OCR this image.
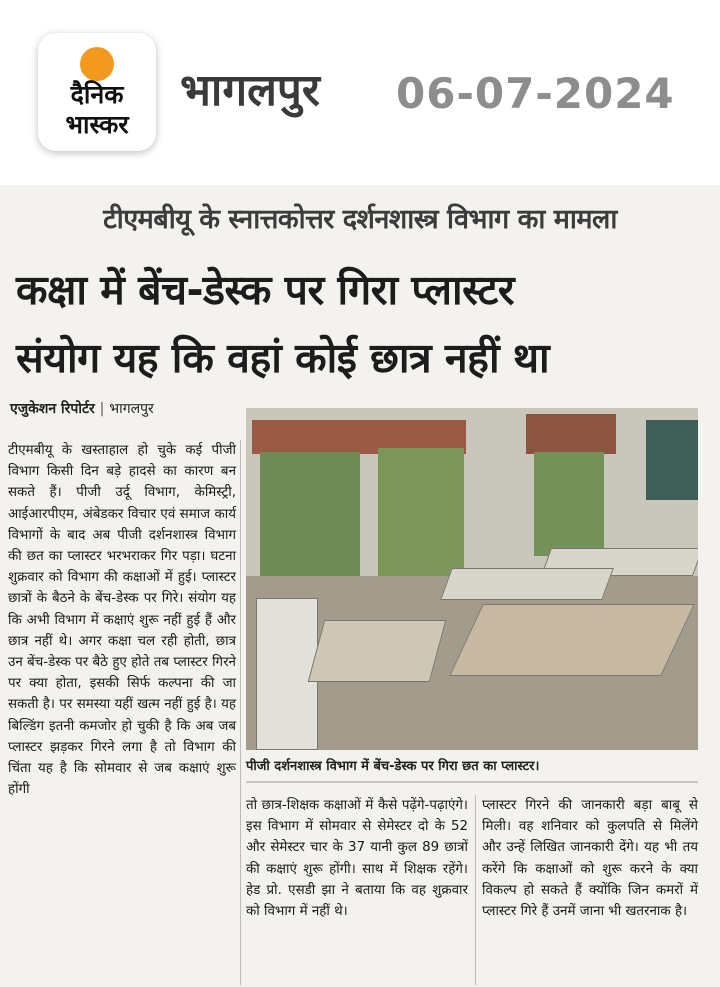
दैनिक
भास्कर
भागलपुर 06-07-2024
टीएमबीयू के स्नात्तकोत्तर दर्शनशास्त्र विभाग का मामला
कक्षा में बेंच-डेस्क पर गिरा प्लास्टर
संयोग यह कि वहां कोई छात्र नहीं था
एजुकेशन रिपोर्टर | भागलपुर
पीजी दर्शनशास्त्र विभाग में बेंच-डेस्क पर गिरा छत का प्लास्टर।

टीएमबीयू के खस्ताहाल हो चुके कई पीजी विभाग किसी दिन बड़े हादसे का कारण बन सकते हैं। पीजी उर्दू विभाग, केमिस्ट्री, आईआरपीएम, अंबेडकर विचार एवं समाज कार्य विभागों के बाद अब पीजी दर्शनशास्त्र विभाग की छत का प्लास्टर भरभराकर गिर पड़ा। घटना शुक्रवार को विभाग की कक्षाओं में हुई। प्लास्टर छात्रों के बैठने के बेंच-डेस्क पर गिरे। संयोग यह कि अभी विभाग में कक्षाएं शुरू नहीं हुई हैं और छात्र नहीं थे। अगर कक्षा चल रही होती, छात्र उन बेंच-डेस्क पर बैठे हुए होते तब प्लास्टर गिरने पर क्या होता, इसकी सिर्फ कल्पना की जा सकती है। पर समस्या यहीं खत्म नहीं हुई है। यह बिल्डिंग इतनी कमजोर हो चुकी है कि अब जब प्लास्टर झड़कर गिरने लगा है तो विभाग की चिंता यह है कि सोमवार से जब कक्षाएं शुरू होंगी

तो छात्र-शिक्षक कक्षाओं में कैसे पढ़ेंगे-पढ़ाएंगे। इस विभाग में सोमवार से सेमेस्टर दो के 52 और सेमेस्टर चार के 37 यानी कुल 89 छात्रों की कक्षाएं शुरू होंगी। साथ में शिक्षक रहेंगे। हेड प्रो. एसडी झा ने बताया कि वह शुक्रवार को विभाग में नहीं थे।

प्लास्टर गिरने की जानकारी बड़ा बाबू से मिली। वह शनिवार को कुलपति से मिलेंगे और उन्हें लिखित जानकारी देंगे। यह भी तय करेंगे कि कक्षाओं को शुरू करने के क्या विकल्प हो सकते हैं क्योंकि जिन कमरों में प्लास्टर गिरे हैं उनमें जाना भी खतरनाक है।
